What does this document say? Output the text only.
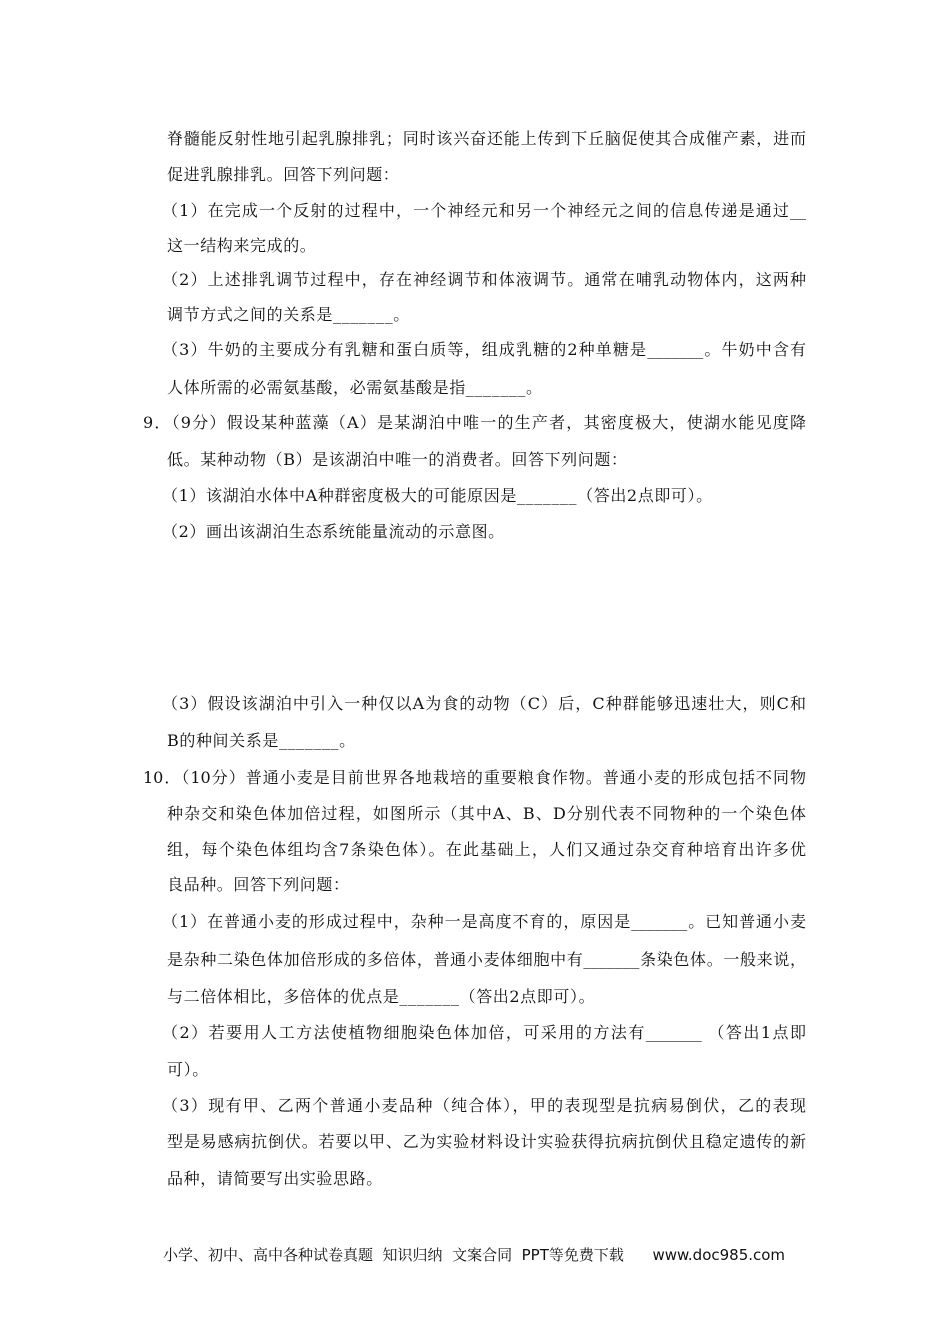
脊髓能反射性地引起乳腺排乳；同时该兴奋还能上传到下丘脑促使其合成催产素，进而
促进乳腺排乳。回答下列问题：
（1）在完成一个反射的过程中，一个神经元和另一个神经元之间的信息传递是通过__
这一结构来完成的。
（2）上述排乳调节过程中，存在神经调节和体液调节。通常在哺乳动物体内，这两种
调节方式之间的关系是_______。
（3）牛奶的主要成分有乳糖和蛋白质等，组成乳糖的2种单糖是_______。牛奶中含有
人体所需的必需氨基酸，必需氨基酸是指_______。
9．（9分）假设某种蓝藻（A）是某湖泊中唯一的生产者，其密度极大，使湖水能见度降
低。某种动物（B）是该湖泊中唯一的消费者。回答下列问题：
（1）该湖泊水体中A种群密度极大的可能原因是_______（答出2点即可）。
（2）画出该湖泊生态系统能量流动的示意图。
（3）假设该湖泊中引入一种仅以A为食的动物（C）后，C种群能够迅速壮大，则C和
B的种间关系是_______。
10．（10分）普通小麦是目前世界各地栽培的重要粮食作物。普通小麦的形成包括不同物
种杂交和染色体加倍过程，如图所示（其中A、B、D分别代表不同物种的一个染色体
组，每个染色体组均含7条染色体）。在此基础上，人们又通过杂交育种培育出许多优
良品种。回答下列问题：
（1）在普通小麦的形成过程中，杂种一是高度不育的，原因是_______。已知普通小麦
是杂种二染色体加倍形成的多倍体，普通小麦体细胞中有_______条染色体。一般来说，
与二倍体相比，多倍体的优点是_______（答出2点即可）。
（2）若要用人工方法使植物细胞染色体加倍，可采用的方法有_______ （答出1点即
可）。
（3）现有甲、乙两个普通小麦品种（纯合体），甲的表现型是抗病易倒伏，乙的表现
型是易感病抗倒伏。若要以甲、乙为实验材料设计实验获得抗病抗倒伏且稳定遗传的新
品种，请简要写出实验思路。
小学、初中、高中各种试卷真题  知识归纳  文案合同  PPT等免费下载      www.doc985.com
